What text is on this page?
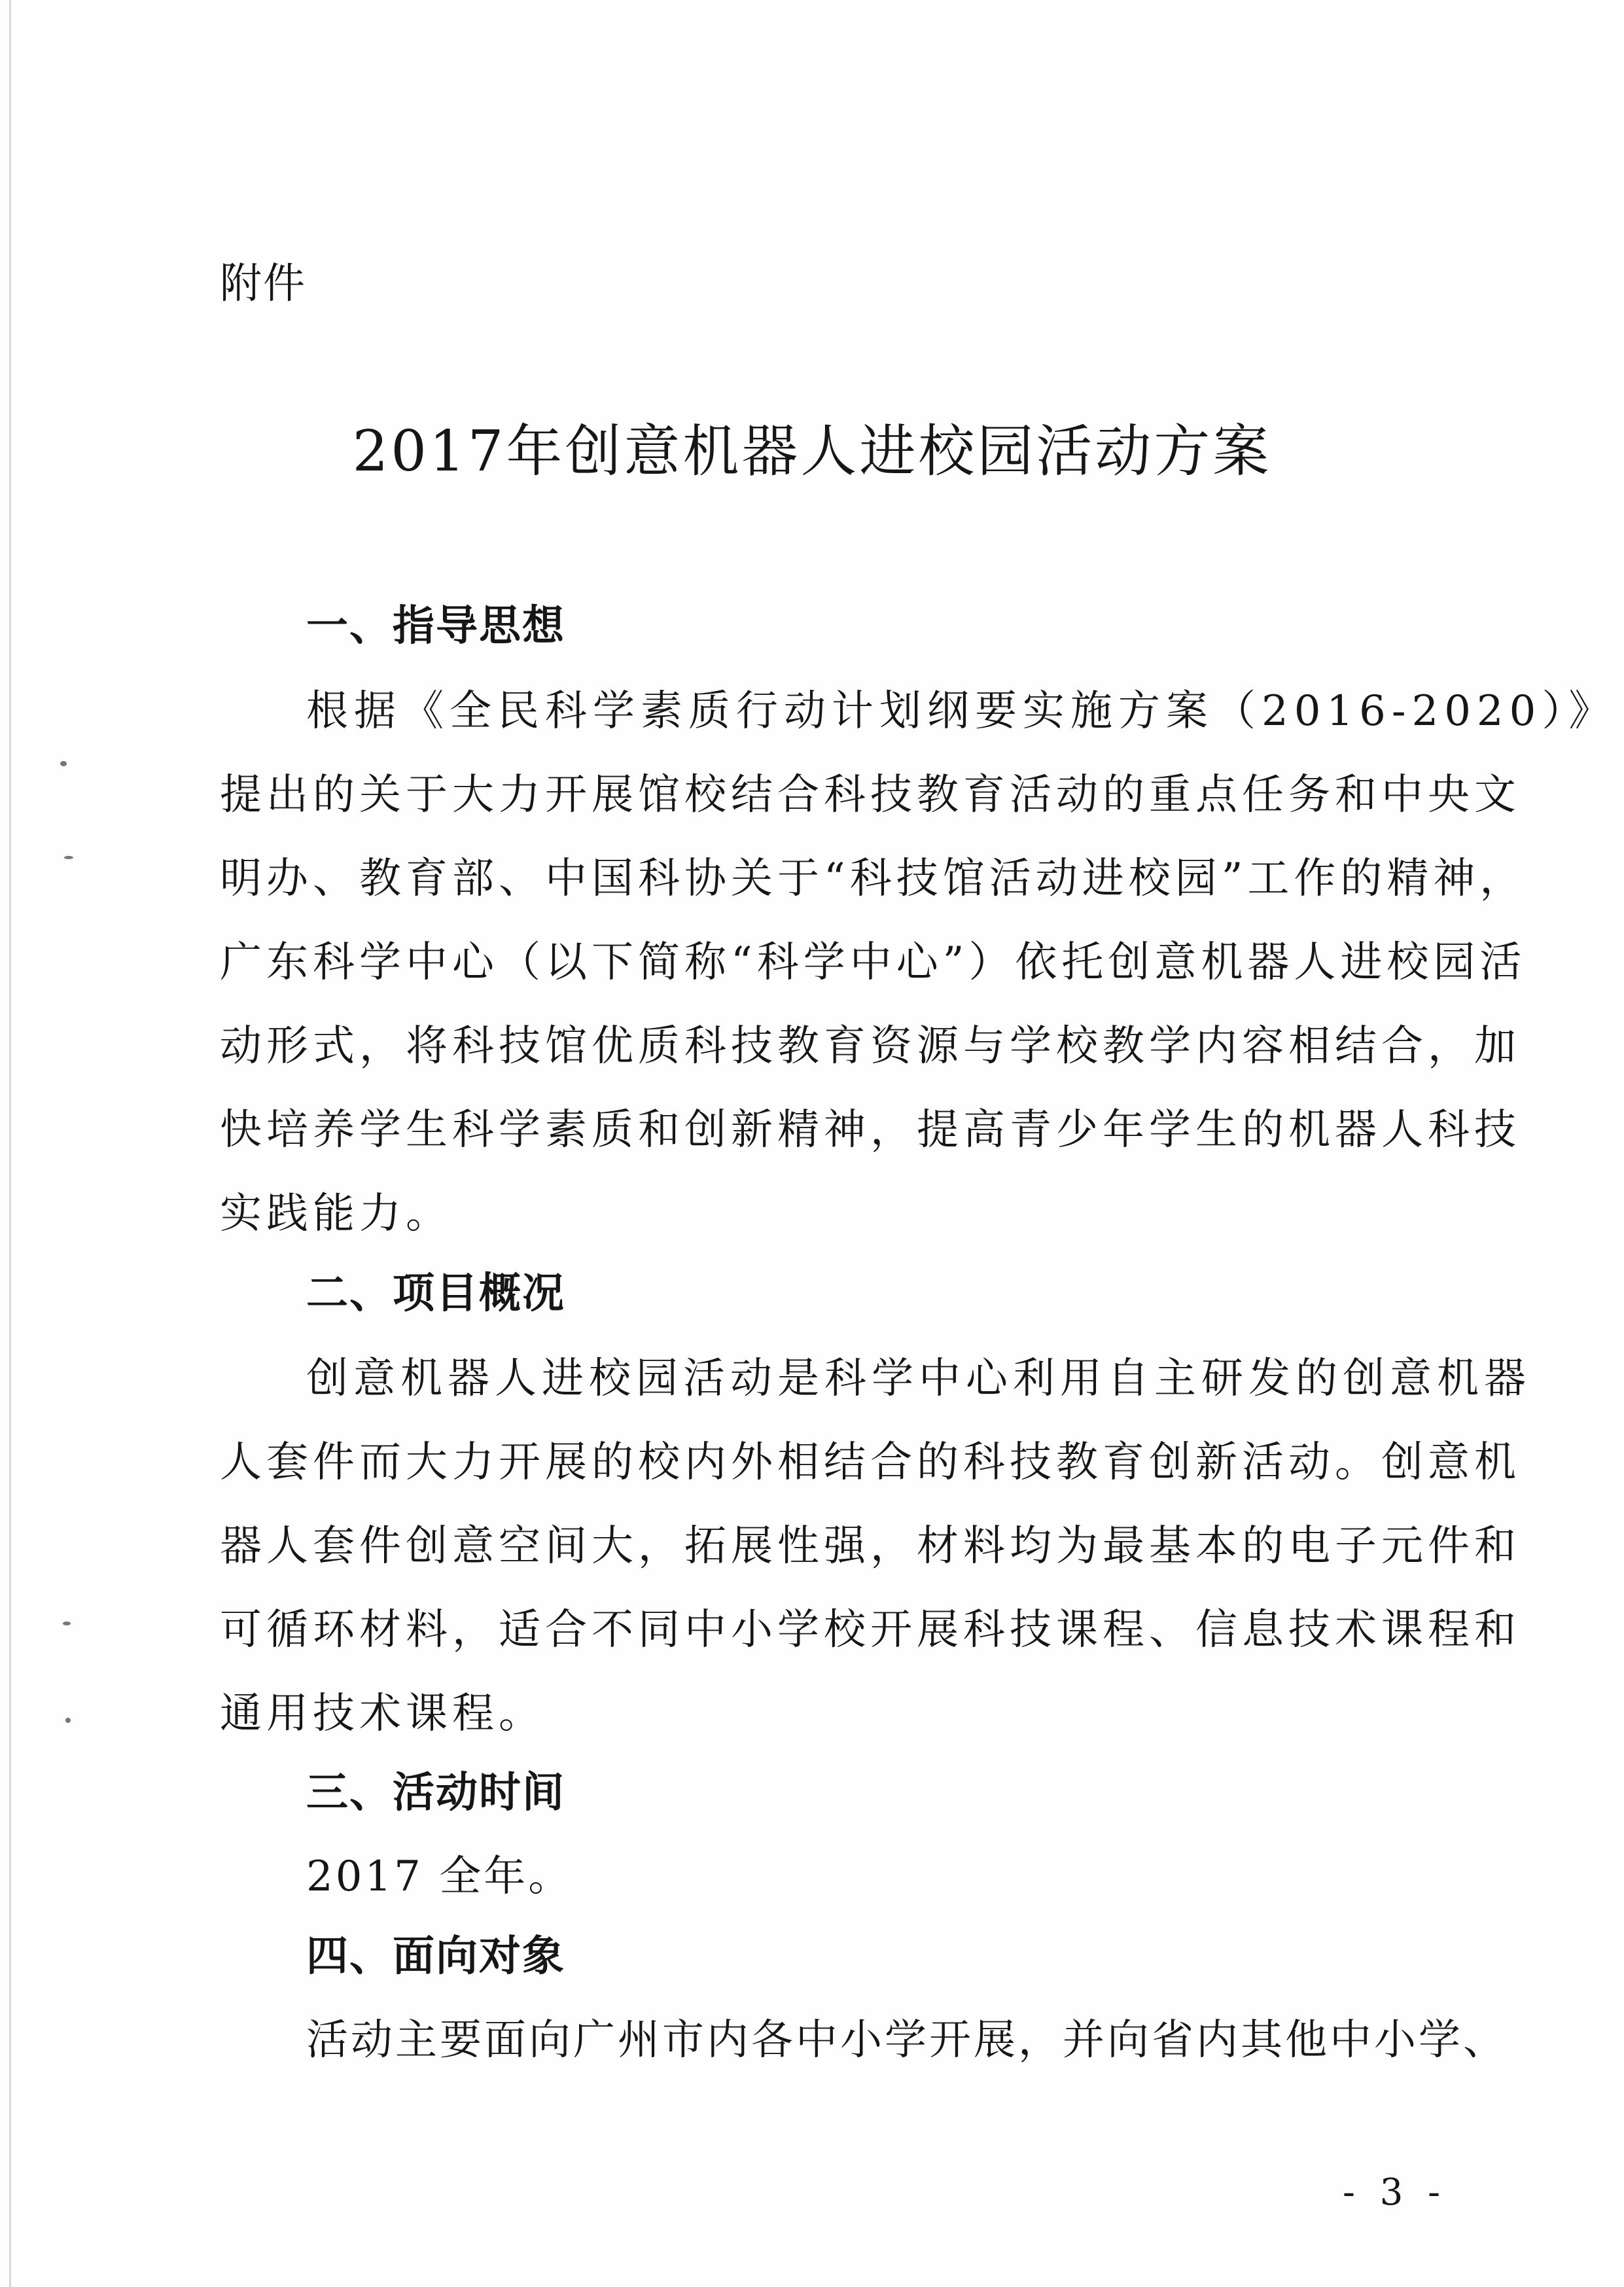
附件
2017年创意机器人进校园活动方案
一、指导思想
根据《全民科学素质行动计划纲要实施方案（2016-2020）》
提出的关于大力开展馆校结合科技教育活动的重点任务和中央文
明办、教育部、中国科协关于“科技馆活动进校园”工作的精神，
广东科学中心（以下简称“科学中心”）依托创意机器人进校园活
动形式，将科技馆优质科技教育资源与学校教学内容相结合，加
快培养学生科学素质和创新精神，提高青少年学生的机器人科技
实践能力。
二、项目概况
创意机器人进校园活动是科学中心利用自主研发的创意机器
人套件而大力开展的校内外相结合的科技教育创新活动。创意机
器人套件创意空间大，拓展性强，材料均为最基本的电子元件和
可循环材料，适合不同中小学校开展科技课程、信息技术课程和
通用技术课程。
三、活动时间
2017 全年。
四、面向对象
活动主要面向广州市内各中小学开展，并向省内其他中小学、
- 3 -
